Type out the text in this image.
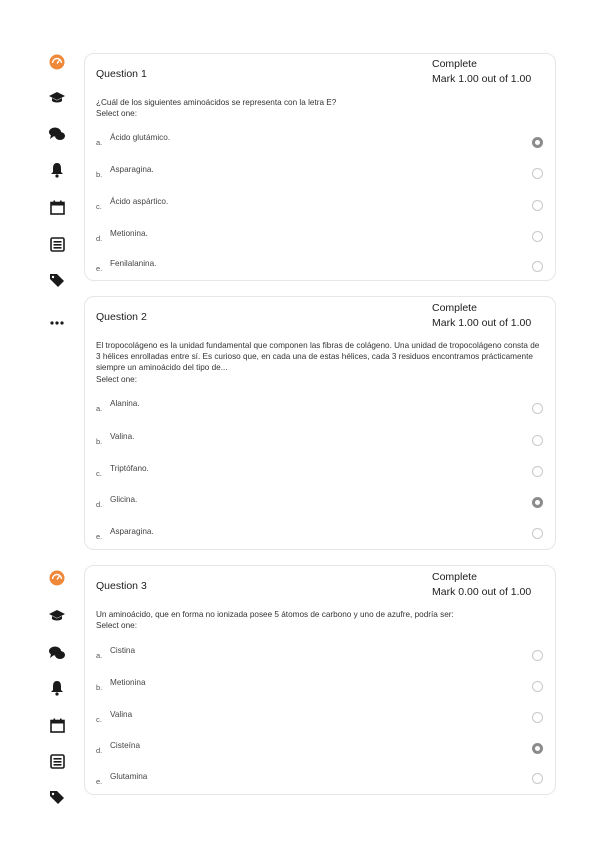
Question 1
Complete
Mark 1.00 out of 1.00
¿Cuál de los siguientes aminoácidos se representa con la letra E?
Select one:
a.
Ácido glutámico.
b.
Asparagina.
c.
Ácido aspártico.
d.
Metionina.
e.
Fenilalanina.
Question 2
Complete
Mark 1.00 out of 1.00
El tropocolágeno es la unidad fundamental que componen las fibras de colágeno. Una unidad de tropocolágeno consta de 3 hélices enrolladas entre sí. Es curioso que, en cada una de estas hélices, cada 3 residuos encontramos prácticamente siempre un aminoácido del tipo de...
Select one:
a.
Alanina.
b.
Valina.
c.
Triptófano.
d.
Glicina.
e.
Asparagina.
Question 3
Complete
Mark 0.00 out of 1.00
Un aminoácido, que en forma no ionizada posee 5 átomos de carbono y uno de azufre, podría ser:
Select one:
a.
Cistina
b.
Metionina
c.
Valina
d.
Cisteína
e.
Glutamina
